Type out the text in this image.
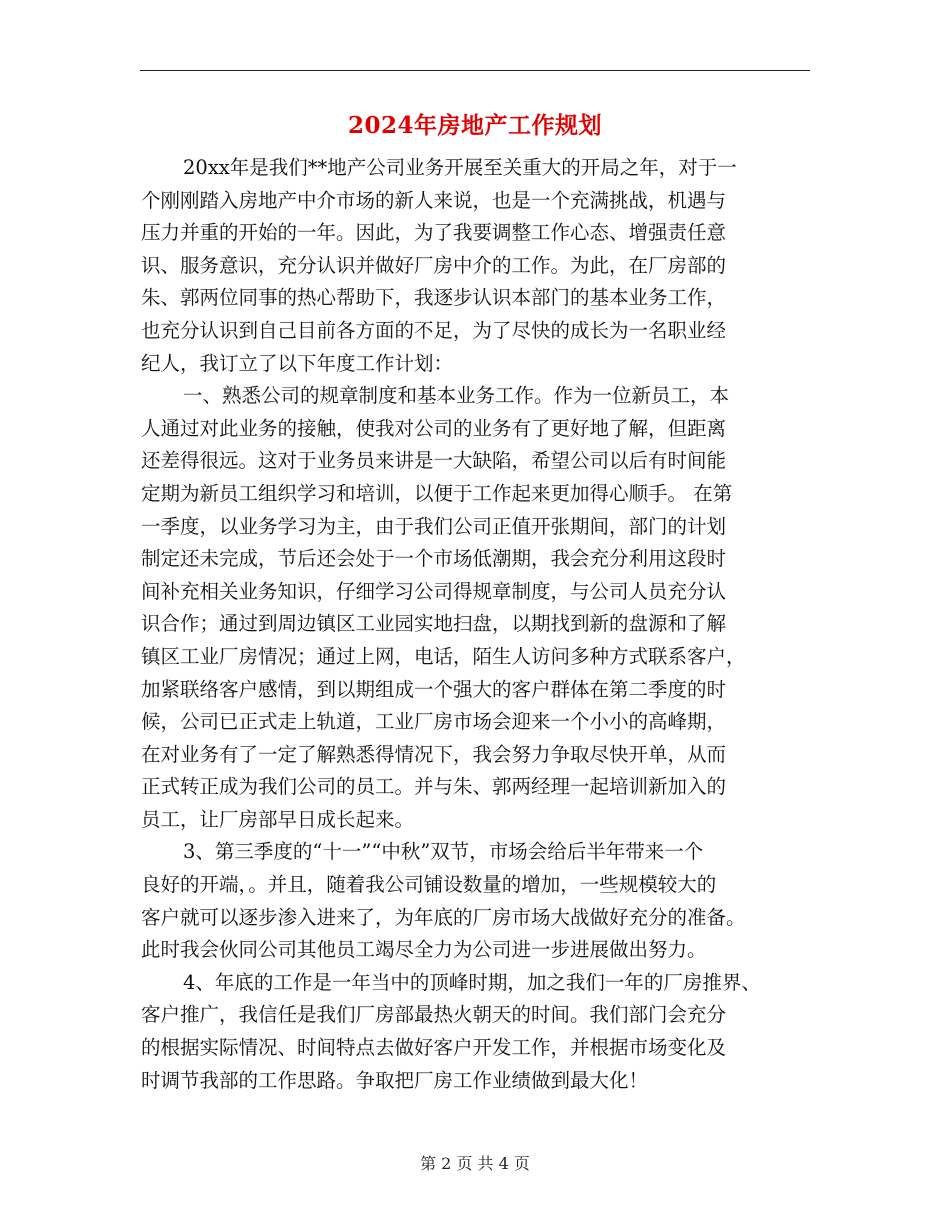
2024年房地产工作规划
20xx年是我们**地产公司业务开展至关重大的开局之年，对于一
个刚刚踏入房地产中介市场的新人来说，也是一个充满挑战，机遇与
压力并重的开始的一年。因此，为了我要调整工作心态、增强责任意
识、服务意识，充分认识并做好厂房中介的工作。为此，在厂房部的
朱、郭两位同事的热心帮助下，我逐步认识本部门的基本业务工作，
也充分认识到自己目前各方面的不足，为了尽快的成长为一名职业经
纪人，我订立了以下年度工作计划：
一、熟悉公司的规章制度和基本业务工作。作为一位新员工，本
人通过对此业务的接触，使我对公司的业务有了更好地了解，但距离
还差得很远。这对于业务员来讲是一大缺陷，希望公司以后有时间能
定期为新员工组织学习和培训，以便于工作起来更加得心顺手。 在第
一季度，以业务学习为主，由于我们公司正值开张期间，部门的计划
制定还未完成，节后还会处于一个市场低潮期，我会充分利用这段时
间补充相关业务知识，仔细学习公司得规章制度，与公司人员充分认
识合作；通过到周边镇区工业园实地扫盘，以期找到新的盘源和了解
镇区工业厂房情况；通过上网，电话，陌生人访问多种方式联系客户，
加紧联络客户感情，到以期组成一个强大的客户群体在第二季度的时
候，公司已正式走上轨道，工业厂房市场会迎来一个小小的高峰期，
在对业务有了一定了解熟悉得情况下，我会努力争取尽快开单，从而
正式转正成为我们公司的员工。并与朱、郭两经理一起培训新加入的
员工，让厂房部早日成长起来。
3、第三季度的“十一”“中秋”双节，市场会给后半年带来一个
良好的开端，。并且，随着我公司铺设数量的增加，一些规模较大的
客户就可以逐步渗入进来了，为年底的厂房市场大战做好充分的准备。
此时我会伙同公司其他员工竭尽全力为公司进一步进展做出努力。
4、年底的工作是一年当中的顶峰时期，加之我们一年的厂房推界、
客户推广，我信任是我们厂房部最热火朝天的时间。我们部门会充分
的根据实际情况、时间特点去做好客户开发工作，并根据市场变化及
时调节我部的工作思路。争取把厂房工作业绩做到最大化！
第 2 页 共 4 页
